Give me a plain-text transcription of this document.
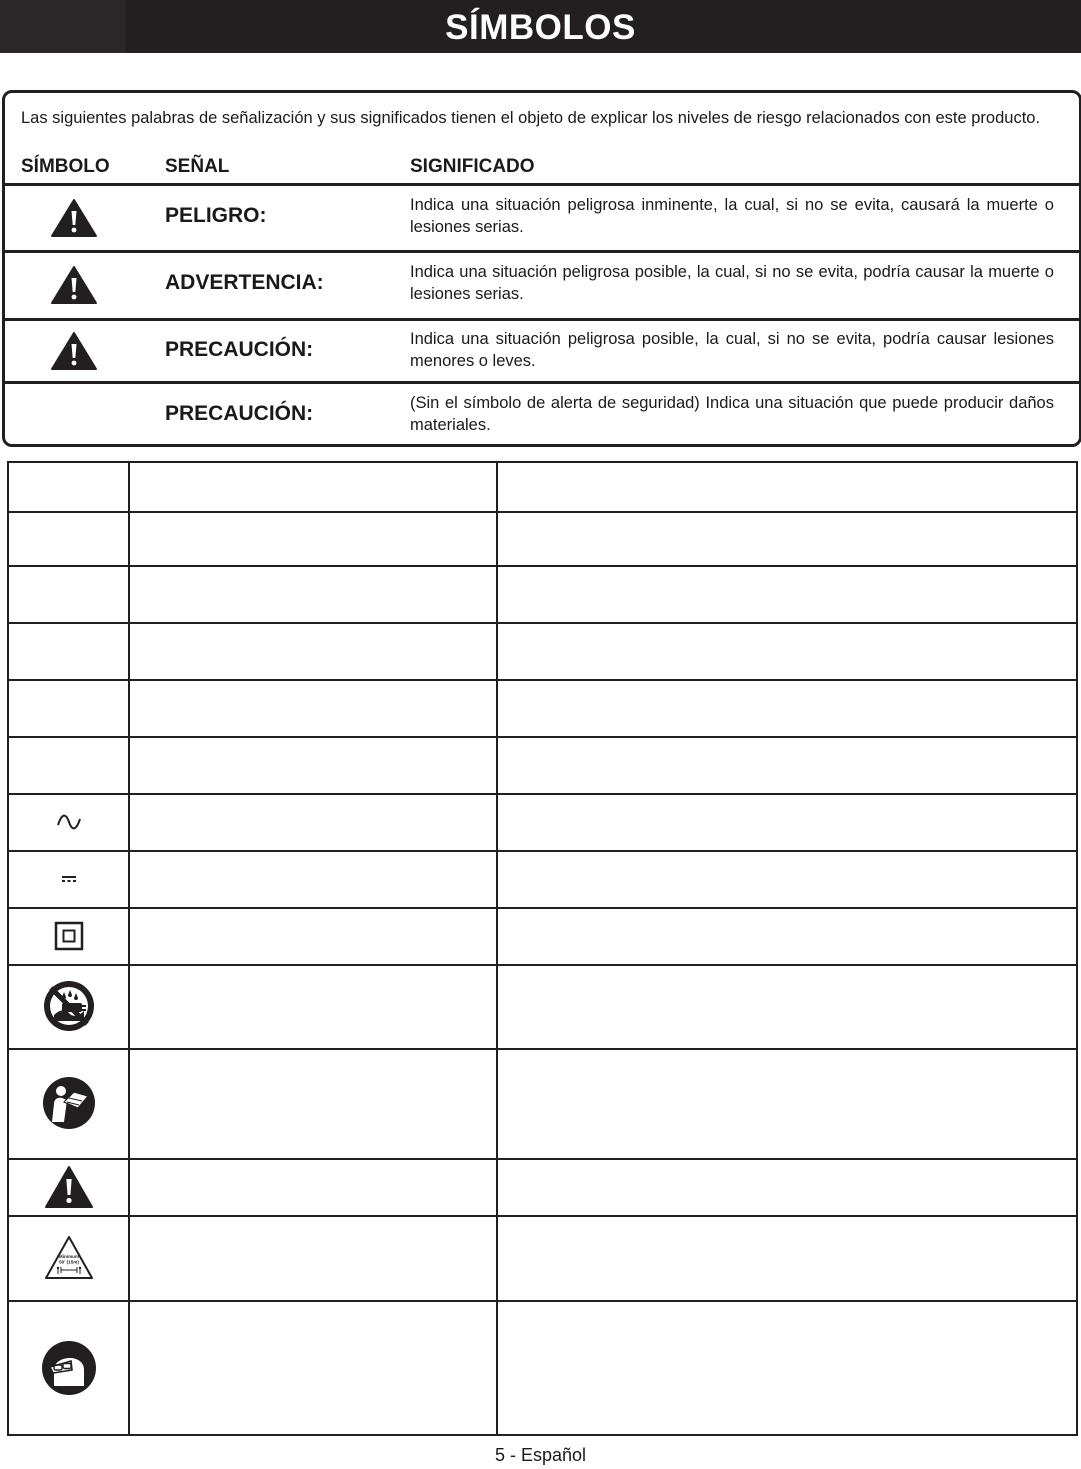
SÍMBOLOS
Las siguientes palabras de señalización y sus significados tienen el objeto de explicar los niveles de riesgo relacionados con este producto.
SÍMBOLO	SEÑAL	SIGNIFICADO
PELIGRO:	Indica una situación peligrosa inminente, la cual, si no se evita, causará la muerte o lesiones serias.
ADVERTENCIA:	Indica una situación peligrosa posible, la cual, si no se evita, podría causar la muerte o lesiones serias.
PRECAUCIÓN:	Indica una situación peligrosa posible, la cual, si no se evita, podría causar lesiones menores o leves.
PRECAUCIÓN:	(Sin el símbolo de alerta de seguridad) Indica una situación que puede producir daños materiales.
Minimum
50' (15m)
5 - Español
